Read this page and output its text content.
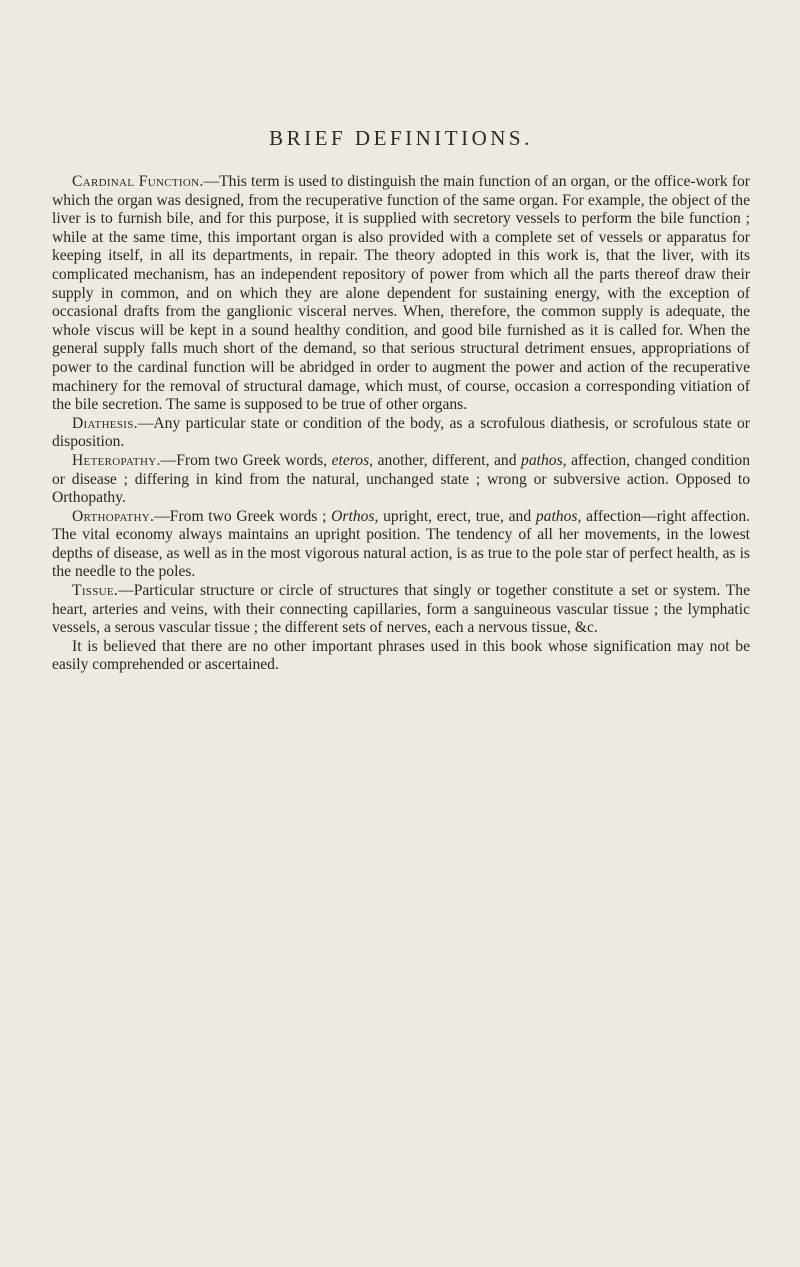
BRIEF DEFINITIONS.

Cardinal Function.—This term is used to distinguish the main function of an organ, or the office-work for which the organ was designed, from the recuperative function of the same organ. For example, the object of the liver is to furnish bile, and for this purpose, it is supplied with secretory vessels to perform the bile function ; while at the same time, this important organ is also provided with a complete set of vessels or apparatus for keeping itself, in all its departments, in repair. The theory adopted in this work is, that the liver, with its complicated mechanism, has an independent repository of power from which all the parts thereof draw their supply in common, and on which they are alone dependent for sustaining energy, with the exception of occasional drafts from the ganglionic visceral nerves. When, therefore, the common supply is adequate, the whole viscus will be kept in a sound healthy condition, and good bile furnished as it is called for. When the general supply falls much short of the demand, so that serious structural detriment ensues, appropriations of power to the cardinal function will be abridged in order to augment the power and action of the recuperative machinery for the removal of structural damage, which must, of course, occasion a corresponding vitiation of the bile secretion. The same is supposed to be true of other organs.

Diathesis.—Any particular state or condition of the body, as a scrofulous diathesis, or scrofulous state or disposition.

Heteropathy.—From two Greek words, eteros, another, different, and pathos, affection, changed condition or disease ; differing in kind from the natural, unchanged state ; wrong or subversive action. Opposed to Orthopathy.

Orthopathy.—From two Greek words ; Orthos, upright, erect, true, and pathos, affection—right affection. The vital economy always maintains an upright position. The tendency of all her movements, in the lowest depths of disease, as well as in the most vigorous natural action, is as true to the pole star of perfect health, as is the needle to the poles.

Tissue.—Particular structure or circle of structures that singly or together constitute a set or system. The heart, arteries and veins, with their connecting capillaries, form a sanguineous vascular tissue ; the lymphatic vessels, a serous vascular tissue ; the different sets of nerves, each a nervous tissue, &c.

It is believed that there are no other important phrases used in this book whose signification may not be easily comprehended or ascertained.
